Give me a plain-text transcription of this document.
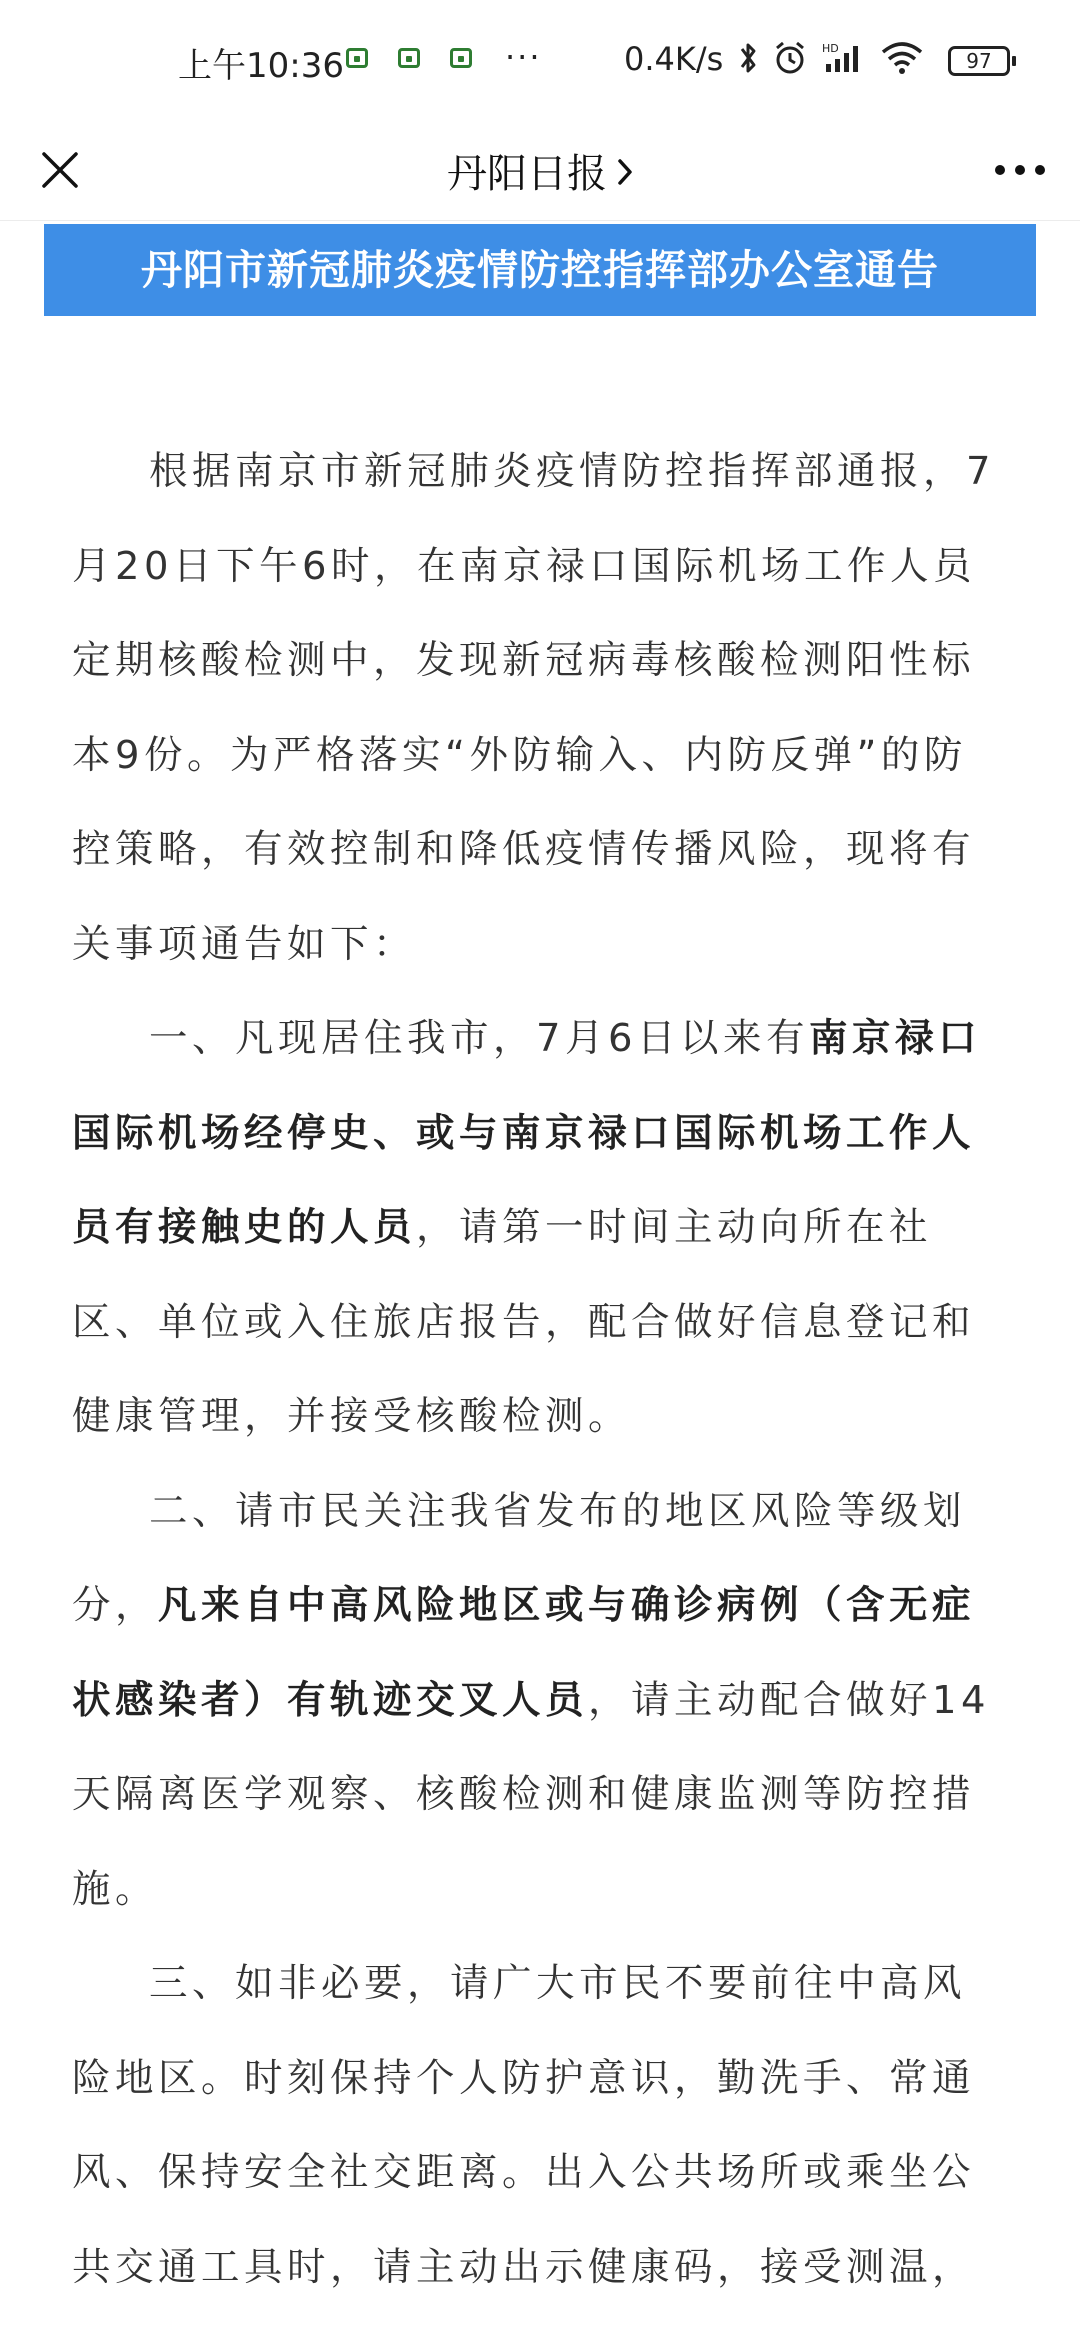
上午10:36	···	0.4K/s	HD
97
丹阳日报
丹阳市新冠肺炎疫情防控指挥部办公室通告

根据南京市新冠肺炎疫情防控指挥部通报，7月20日下午6时，在南京禄口国际机场工作人员定期核酸检测中，发现新冠病毒核酸检测阳性标本9份。为严格落实“外防输入、内防反弹”的防控策略，有效控制和降低疫情传播风险，现将有关事项通告如下：

一、凡现居住我市，7月6日以来有南京禄口国际机场经停史、或与南京禄口国际机场工作人员有接触史的人员，请第一时间主动向所在社区、单位或入住旅店报告，配合做好信息登记和健康管理，并接受核酸检测。

二、请市民关注我省发布的地区风险等级划分，凡来自中高风险地区或与确诊病例（含无症状感染者）有轨迹交叉人员，请主动配合做好14天隔离医学观察、核酸检测和健康监测等防控措施。

三、如非必要，请广大市民不要前往中高风险地区。时刻保持个人防护意识，勤洗手、常通风、保持安全社交距离。出入公共场所或乘坐公共交通工具时，请主动出示健康码，接受测温，
